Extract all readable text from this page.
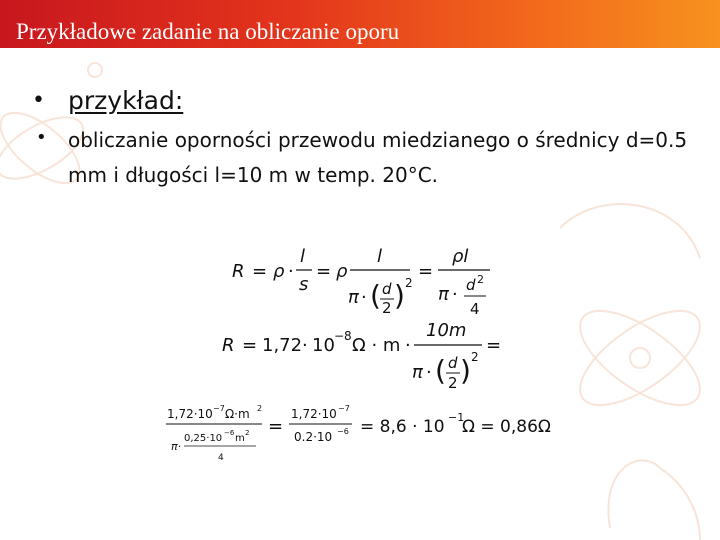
Przykładowe zadanie na obliczanie oporu
• przykład:
• obliczanie oporności przewodu miedzianego o średnicy d=0.5
mm i długości l=10 m w temp. 20°C.
R = ρ ·
l
s
= ρ
l
π · ( d
2 ) 2
=
ρl
π · d 2
4
R = 1,72 · 10 −8 Ω · m ·
10m
π · ( d
2 ) 2
=
1,72·10 −7 Ω·m 2
π·
0,25·10 −6 m 2
4
=
1,72·10 −7
0.2·10 −6 = 8,6 · 10 −1
Ω = 0,86Ω
